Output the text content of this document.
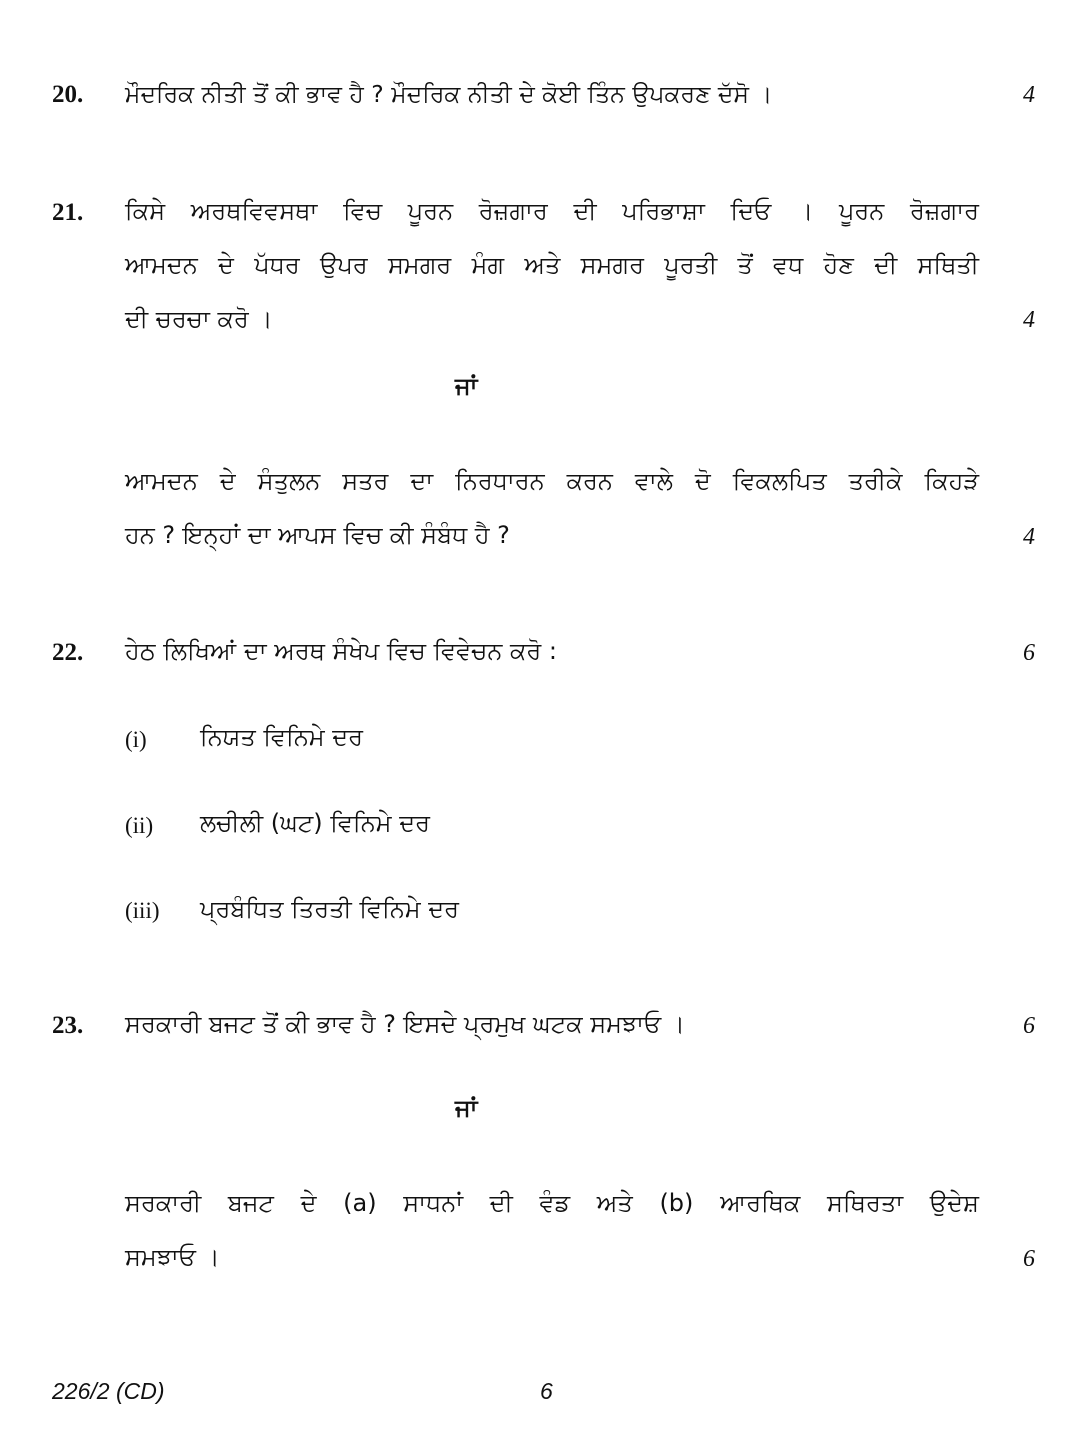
20. ਮੌਦਰਿਕ ਨੀਤੀ ਤੋਂ ਕੀ ਭਾਵ ਹੈ ? ਮੌਦਰਿਕ ਨੀਤੀ ਦੇ ਕੋਈ ਤਿੰਨ ਉਪਕਰਣ ਦੱਸੋ ।	4
21. ਕਿਸੇ ਅਰਥਵਿਵਸਥਾ ਵਿਚ ਪੂਰਨ ਰੋਜ਼ਗਾਰ ਦੀ ਪਰਿਭਾਸ਼ਾ ਦਿਓ । ਪੂਰਨ ਰੋਜ਼ਗਾਰ
ਆਮਦਨ ਦੇ ਪੱਧਰ ਉਪਰ ਸਮਗਰ ਮੰਗ ਅਤੇ ਸਮਗਰ ਪੂਰਤੀ ਤੋਂ ਵਧ ਹੋਣ ਦੀ ਸਥਿਤੀ
ਦੀ ਚਰਚਾ ਕਰੋ ।	4
ਜਾਂ
ਆਮਦਨ ਦੇ ਸੰਤੁਲਨ ਸਤਰ ਦਾ ਨਿਰਧਾਰਨ ਕਰਨ ਵਾਲੇ ਦੋ ਵਿਕਲਪਿਤ ਤਰੀਕੇ ਕਿਹੜੇ
ਹਨ ? ਇਨ੍ਹਾਂ ਦਾ ਆਪਸ ਵਿਚ ਕੀ ਸੰਬੰਧ ਹੈ ?	4
22. ਹੇਠ ਲਿਖਿਆਂ ਦਾ ਅਰਥ ਸੰਖੇਪ ਵਿਚ ਵਿਵੇਚਨ ਕਰੋ :	6
(i) ਨਿਯਤ ਵਿਨਿਮੇ ਦਰ
(ii) ਲਚੀਲੀ (ਘਟ) ਵਿਨਿਮੇ ਦਰ
(iii) ਪ੍ਰਬੰਧਿਤ ਤਿਰਤੀ ਵਿਨਿਮੇ ਦਰ
23. ਸਰਕਾਰੀ ਬਜਟ ਤੋਂ ਕੀ ਭਾਵ ਹੈ ? ਇਸਦੇ ਪ੍ਰਮੁਖ ਘਟਕ ਸਮਝਾਓ ।	6
ਜਾਂ
ਸਰਕਾਰੀ ਬਜਟ ਦੇ (a) ਸਾਧਨਾਂ ਦੀ ਵੰਡ ਅਤੇ (b) ਆਰਥਿਕ ਸਥਿਰਤਾ ਉਦੇਸ਼
ਸਮਝਾਓ ।	6
226/2 (CD)	6
